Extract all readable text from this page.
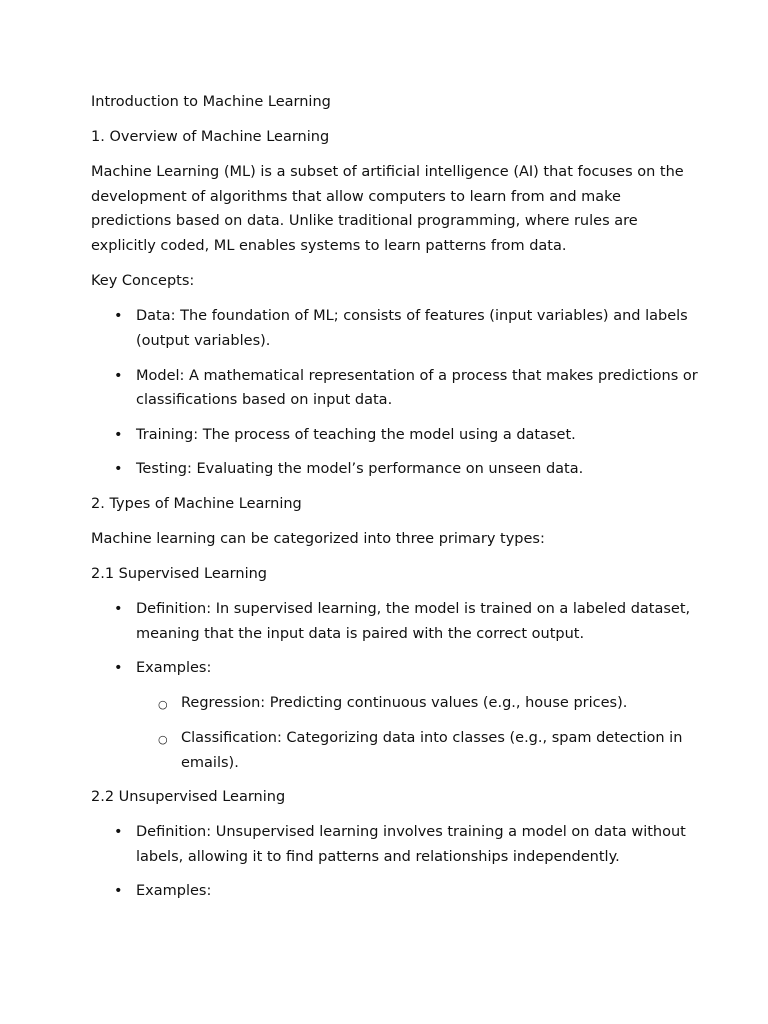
Introduction to Machine Learning
1. Overview of Machine Learning
Machine Learning (ML) is a subset of artificial intelligence (AI) that focuses on the
development of algorithms that allow computers to learn from and make
predictions based on data. Unlike traditional programming, where rules are
explicitly coded, ML enables systems to learn patterns from data.
Key Concepts:
• Data: The foundation of ML; consists of features (input variables) and labels
(output variables).
• Model: A mathematical representation of a process that makes predictions or
classifications based on input data.
• Training: The process of teaching the model using a dataset.
• Testing: Evaluating the model’s performance on unseen data.
2. Types of Machine Learning
Machine learning can be categorized into three primary types:
2.1 Supervised Learning
• Definition: In supervised learning, the model is trained on a labeled dataset,
meaning that the input data is paired with the correct output.
• Examples:
○ Regression: Predicting continuous values (e.g., house prices).
○ Classification: Categorizing data into classes (e.g., spam detection in
emails).
2.2 Unsupervised Learning
• Definition: Unsupervised learning involves training a model on data without
labels, allowing it to find patterns and relationships independently.
• Examples:
